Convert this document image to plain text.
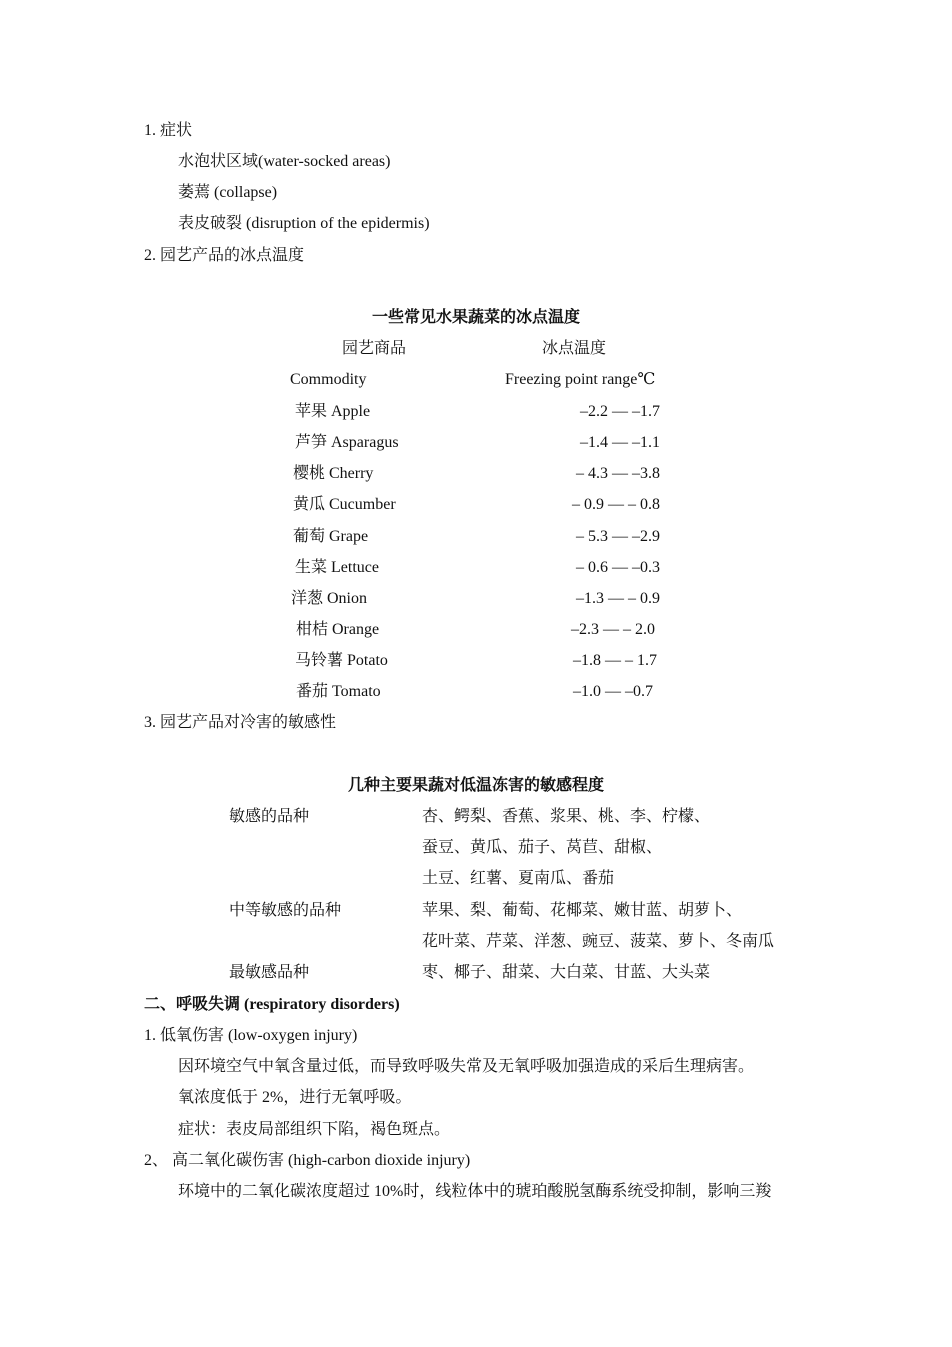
1. 症状
水泡状区域(water-socked areas)
萎蔫 (collapse)
表皮破裂 (disruption of the epidermis)
2. 园艺产品的冰点温度
一些常见水果蔬菜的冰点温度
园艺商品	冰点温度
Commodity	Freezing point range℃
苹果 Apple	–2.2 — –1.7
芦笋 Asparagus	–1.4 — –1.1
樱桃 Cherry	– 4.3 — –3.8
黄瓜 Cucumber	– 0.9 — – 0.8
葡萄 Grape	– 5.3 — –2.9
生菜 Lettuce	– 0.6 — –0.3
洋葱 Onion	–1.3 — – 0.9
柑桔 Orange	–2.3 — – 2.0
马铃薯 Potato	–1.8 — – 1.7
番茄 Tomato	–1.0 — –0.7
3. 园艺产品对冷害的敏感性
几种主要果蔬对低温冻害的敏感程度
敏感的品种	杏、鳄梨、香蕉、浆果、桃、李、柠檬、
蚕豆、黄瓜、茄子、莴苣、甜椒、
土豆、红薯、夏南瓜、番茄
中等敏感的品种	苹果、梨、葡萄、花椰菜、嫩甘蓝、胡萝卜、
花叶菜、芹菜、洋葱、豌豆、菠菜、萝卜、冬南瓜
最敏感品种	枣、椰子、甜菜、大白菜、甘蓝、大头菜
二、呼吸失调 (respiratory disorders)
1. 低氧伤害 (low-oxygen injury)
因环境空气中氧含量过低，而导致呼吸失常及无氧呼吸加强造成的采后生理病害。
氧浓度低于 2%，进行无氧呼吸。
症状：表皮局部组织下陷，褐色斑点。
2、 高二氧化碳伤害 (high-carbon dioxide injury)
环境中的二氧化碳浓度超过 10%时，线粒体中的琥珀酸脱氢酶系统受抑制，影响三羧
